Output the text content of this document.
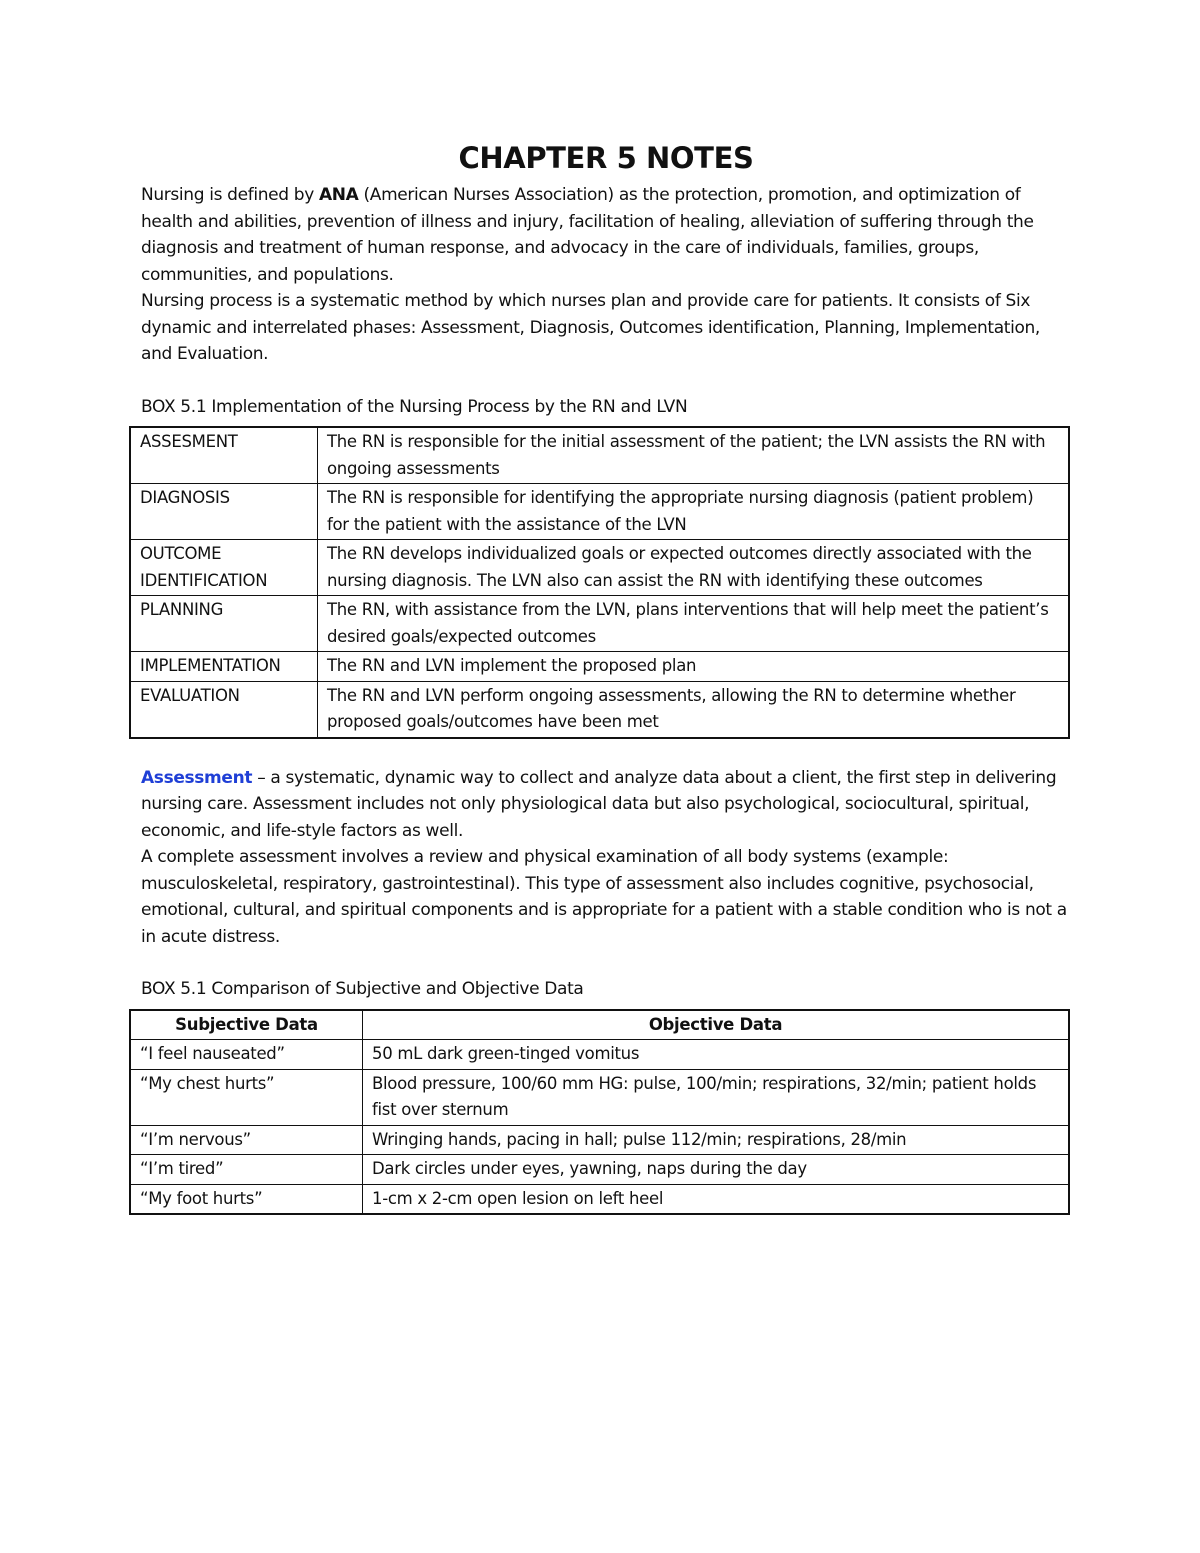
CHAPTER 5 NOTES

Nursing is defined by ANA (American Nurses Association) as the protection, promotion, and optimization of health and abilities, prevention of illness and injury, facilitation of healing, alleviation of suffering through the diagnosis and treatment of human response, and advocacy in the care of individuals, families, groups, communities, and populations.

Nursing process is a systematic method by which nurses plan and provide care for patients. It consists of Six dynamic and interrelated phases: Assessment, Diagnosis, Outcomes identification, Planning, Implementation, and Evaluation.

BOX 5.1 Implementation of the Nursing Process by the RN and LVN

ASSESMENT	The RN is responsible for the initial assessment of the patient; the LVN assists the RN with ongoing assessments
DIAGNOSIS	The RN is responsible for identifying the appropriate nursing diagnosis (patient problem) for the patient with the assistance of the LVN
OUTCOME IDENTIFICATION	The RN develops individualized goals or expected outcomes directly associated with the nursing diagnosis. The LVN also can assist the RN with identifying these outcomes
PLANNING	The RN, with assistance from the LVN, plans interventions that will help meet the patient’s desired goals/expected outcomes
IMPLEMENTATION	The RN and LVN implement the proposed plan
EVALUATION	The RN and LVN perform ongoing assessments, allowing the RN to determine whether proposed goals/outcomes have been met

Assessment – a systematic, dynamic way to collect and analyze data about a client, the first step in delivering nursing care. Assessment includes not only physiological data but also psychological, sociocultural, spiritual, economic, and life-style factors as well.

A complete assessment involves a review and physical examination of all body systems (example: musculoskeletal, respiratory, gastrointestinal). This type of assessment also includes cognitive, psychosocial, emotional, cultural, and spiritual components and is appropriate for a patient with a stable condition who is not a in acute distress.

BOX 5.1 Comparison of Subjective and Objective Data

Subjective Data	Objective Data
“I feel nauseated”	50 mL dark green-tinged vomitus
“My chest hurts”	Blood pressure, 100/60 mm HG: pulse, 100/min; respirations, 32/min; patient holds fist over sternum
“I’m nervous”	Wringing hands, pacing in hall; pulse 112/min; respirations, 28/min
“I’m tired”	Dark circles under eyes, yawning, naps during the day
“My foot hurts”	1-cm x 2-cm open lesion on left heel
